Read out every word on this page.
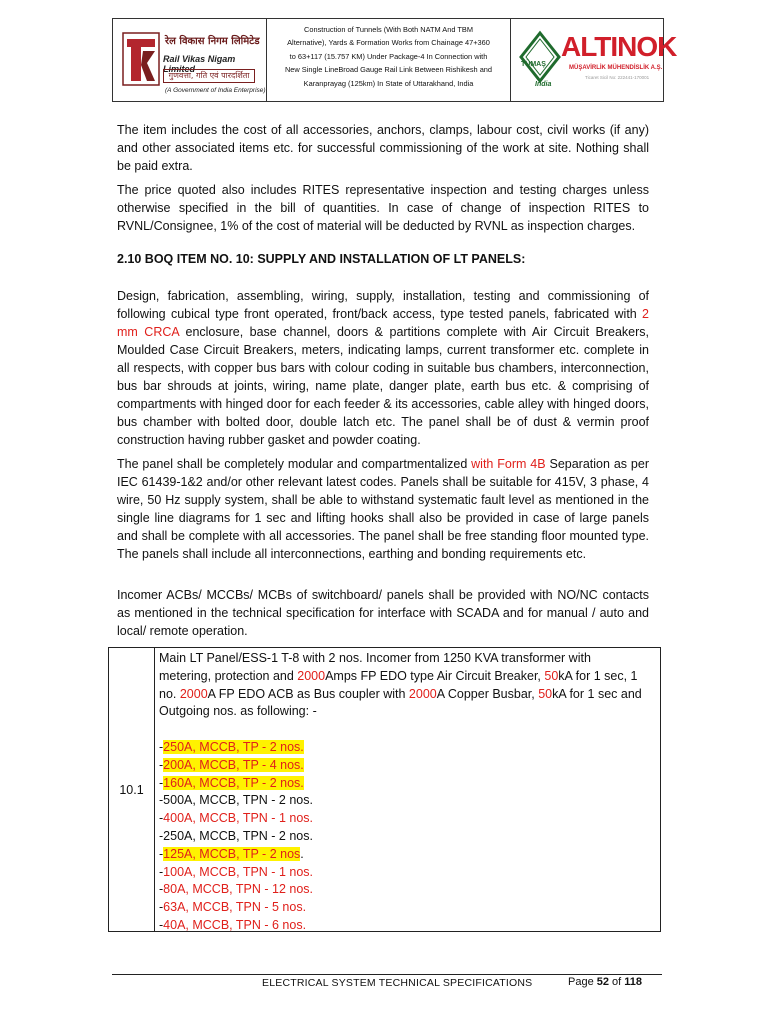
रेल विकास निगम लिमिटेड
Rail Vikas Nigam Limited
गुणवत्ता, गति एवं पारदर्शिता
(A Government of India Enterprise)
Construction of Tunnels (With Both NATM And TBM
Alternative), Yards & Formation Works from Chainage 47+360
to 63+117 (15.757 KM) Under Package-4 In Connection with
New Single LineBroad Gauge Rail Link Between Rishikesh and
Karanprayag (125km) In State of Uttarakhand, India
TÜMAŞ
India
ALTINOK
MÜŞAVİRLİK MÜHENDİSLİK A.Ş.
Ticaret Sicil No: 222441-170001

The item includes the cost of all accessories, anchors, clamps, labour cost, civil works (if any) and other associated items etc. for successful commissioning of the work at site. Nothing shall be paid extra.

The price quoted also includes RITES representative inspection and testing charges unless otherwise specified in the bill of quantities. In case of change of inspection RITES to RVNL/Consignee, 1% of the cost of material will be deducted by RVNL as inspection charges.

2.10 BOQ ITEM NO. 10: SUPPLY AND INSTALLATION OF LT PANELS:

Design, fabrication, assembling, wiring, supply, installation, testing and commissioning of following cubical type front operated, front/back access, type tested panels, fabricated with 2 mm CRCA enclosure, base channel, doors & partitions complete with Air Circuit Breakers, Moulded Case Circuit Breakers, meters, indicating lamps, current transformer etc. complete in all respects, with copper bus bars with colour coding in suitable bus chambers, interconnection, bus bar shrouds at joints, wiring, name plate, danger plate, earth bus etc. & comprising of compartments with hinged door for each feeder & its accessories, cable alley with hinged doors, bus chamber with bolted door, double latch etc. The panel shall be of dust & vermin proof construction having rubber gasket and powder coating.

The panel shall be completely modular and compartmentalized with Form 4B Separation as per IEC 61439-1&2 and/or other relevant latest codes. Panels shall be suitable for 415V, 3 phase, 4 wire, 50 Hz supply system, shall be able to withstand systematic fault level as mentioned in the single line diagrams for 1 sec and lifting hooks shall also be provided in case of large panels and shall be complete with all accessories. The panel shall be free standing floor mounted type. The panels shall include all interconnections, earthing and bonding requirements etc.

Incomer ACBs/ MCCBs/ MCBs of switchboard/ panels shall be provided with NO/NC contacts as mentioned in the technical specification for interface with SCADA and for manual / auto and local/ remote operation.

10.1
Main LT Panel/ESS-1 T-8 with 2 nos. Incomer from 1250 KVA transformer with
metering, protection and 2000Amps FP EDO type Air Circuit Breaker, 50kA for 1 sec, 1
no. 2000A FP EDO ACB as Bus coupler with 2000A Copper Busbar, 50kA for 1 sec and
Outgoing nos. as following: -
-250A, MCCB, TP - 2 nos.
-200A, MCCB, TP - 4 nos.
-160A, MCCB, TP - 2 nos.
-500A, MCCB, TPN - 2 nos.
-400A, MCCB, TPN - 1 nos.
-250A, MCCB, TPN - 2 nos.
-125A, MCCB, TP - 2 nos.
-100A, MCCB, TPN - 1 nos.
-80A, MCCB, TPN - 12 nos.
-63A, MCCB, TPN - 5 nos.
-40A, MCCB, TPN - 6 nos.
ELECTRICAL SYSTEM TECHNICAL SPECIFICATIONS	Page 52 of 118
